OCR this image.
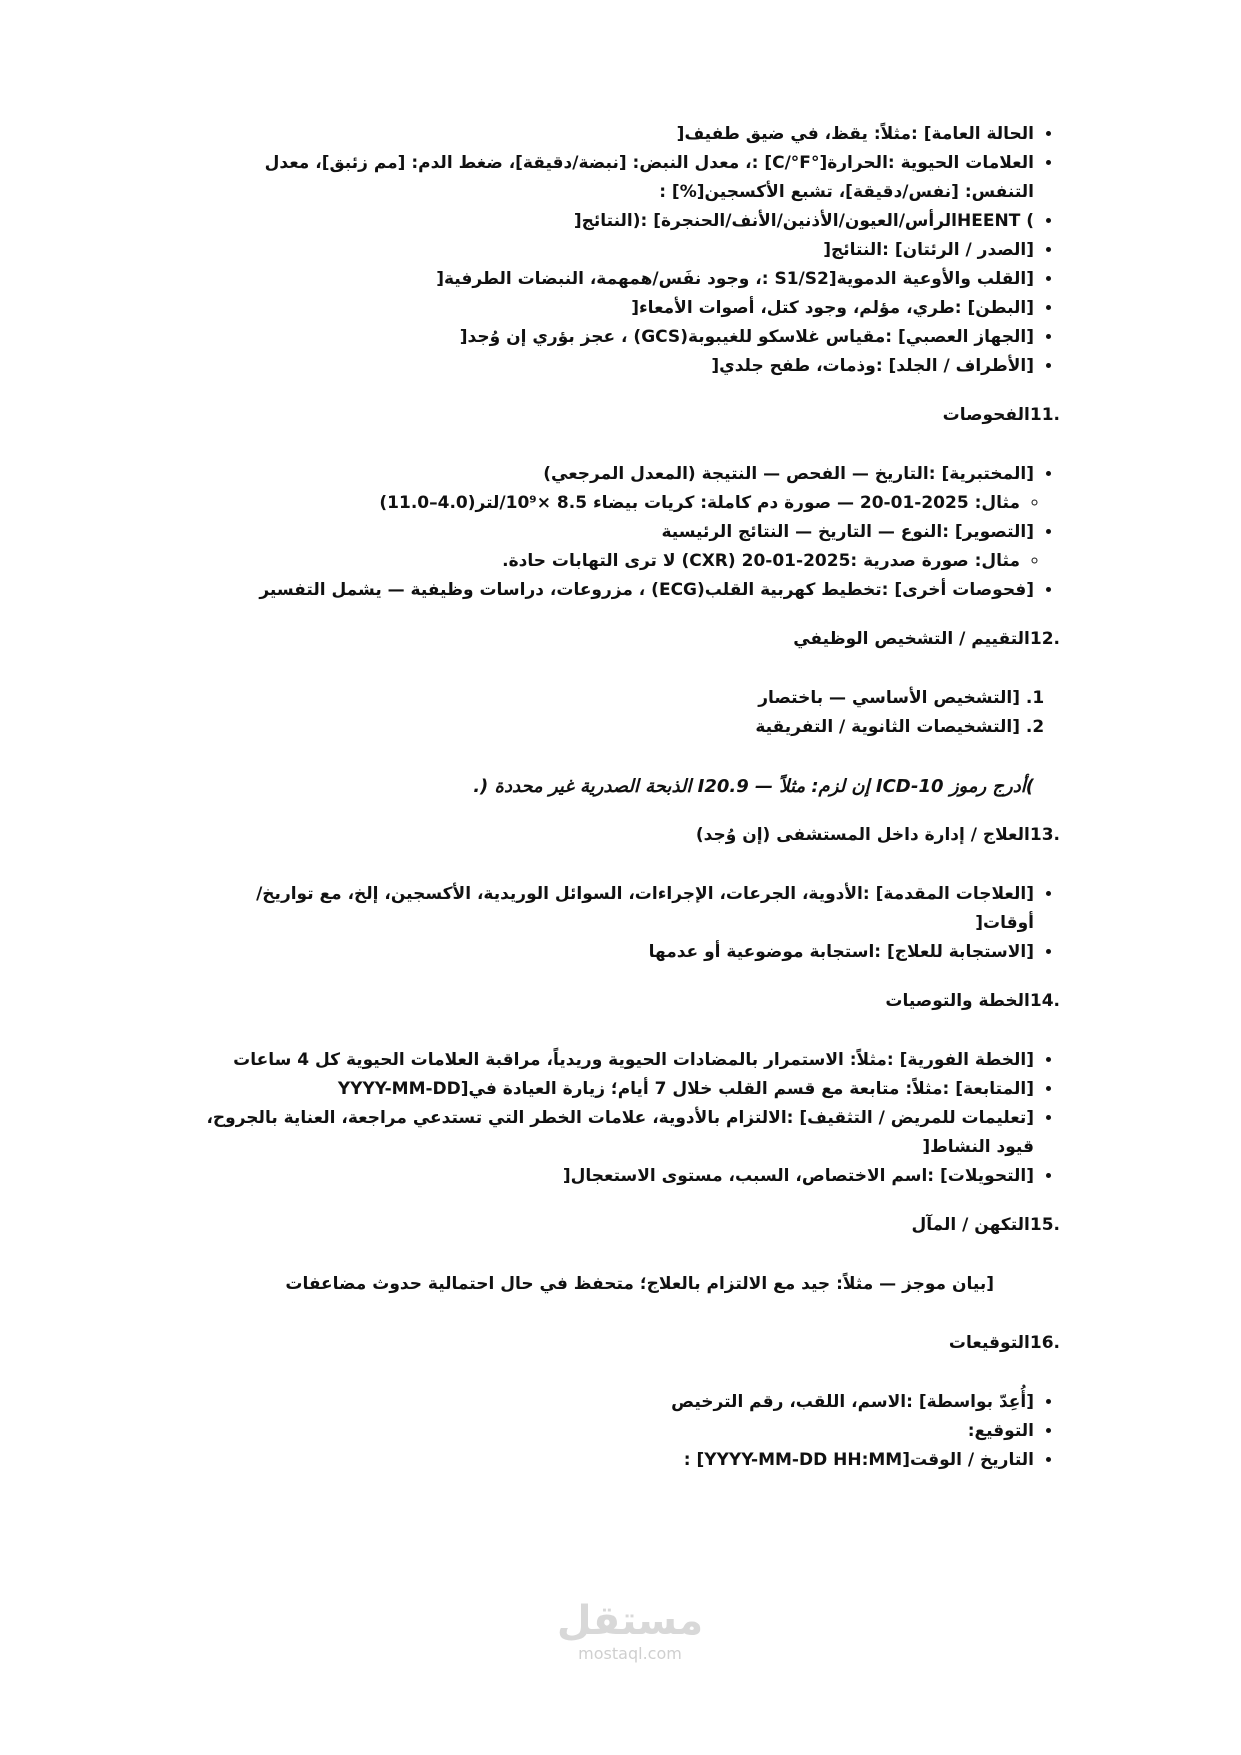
• الحالة العامة] :مثلاً: يقظ، في ضيق طفيف[
• العلامات الحيوية :الحرارة[°C/°F] :، معدل النبض: [نبضة/دقيقة]، ضغط الدم: [مم زئبق]، معدل التنفس: [نفس/دقيقة]، تشبع الأكسجين[%] :
• ) HEENTالرأس/العيون/الأذنين/الأنف/الحنجرة] :(النتائج[
• [الصدر / الرئتان] :النتائج[
• [القلب والأوعية الدموية[S1/S2 :، وجود نفَس/همهمة، النبضات الطرفية[
• [البطن] :طري، مؤلم، وجود كتل، أصوات الأمعاء[
• [الجهاز العصبي] :مقياس غلاسكو للغيبوبة(GCS) ، عجز بؤري إن وُجد[
• [الأطراف / الجلد] :وذمات، طفح جلدي[

.11الفحوصات

• [المختبرية] :التاريخ — الفحص — النتيجة (المعدل المرجعي)
◦ مثال: 2025-01-20 — صورة دم كاملة: كريات بيضاء 8.5 ×10⁹/لتر(4.0–11.0)
• [التصوير] :النوع — التاريخ — النتائج الرئيسية
◦ مثال: صورة صدرية :2025-01-20 (CXR) لا ترى التهابات حادة.
• [فحوصات أخرى] :تخطيط كهربية القلب(ECG) ، مزروعات، دراسات وظيفية — يشمل التفسير

.12التقييم / التشخيص الوظيفي

1. [التشخيص الأساسي — باختصار
2. [التشخيصات الثانوية / التفريقية

)أدرج رموز ICD-10 إن لزم: مثلاً — I20.9 الذبحة الصدرية غير محددة (.

.13العلاج / إدارة داخل المستشفى (إن وُجد)

• [العلاجات المقدمة] :الأدوية، الجرعات، الإجراءات، السوائل الوريدية، الأكسجين، إلخ، مع تواريخ/أوقات[
• [الاستجابة للعلاج] :استجابة موضوعية أو عدمها

.14الخطة والتوصيات

• [الخطة الفورية] :مثلاً: الاستمرار بالمضادات الحيوية وريدياً، مراقبة العلامات الحيوية كل 4 ساعات
• [المتابعة] :مثلاً: متابعة مع قسم القلب خلال 7 أيام؛ زيارة العيادة في[YYYY-MM-DD
• [تعليمات للمريض / التثقيف] :الالتزام بالأدوية، علامات الخطر التي تستدعي مراجعة، العناية بالجروح، قيود النشاط[
• [التحويلات] :اسم الاختصاص، السبب، مستوى الاستعجال[

.15التكهن / المآل

[بيان موجز — مثلاً: جيد مع الالتزام بالعلاج؛ متحفظ في حال احتمالية حدوث مضاعفات

.16التوقيعات

• [أُعِدّ بواسطة] :الاسم، اللقب، رقم الترخيص
• التوقيع:
• التاريخ / الوقت[YYYY-MM-DD HH:MM] :
مستقل
mostaql.com
